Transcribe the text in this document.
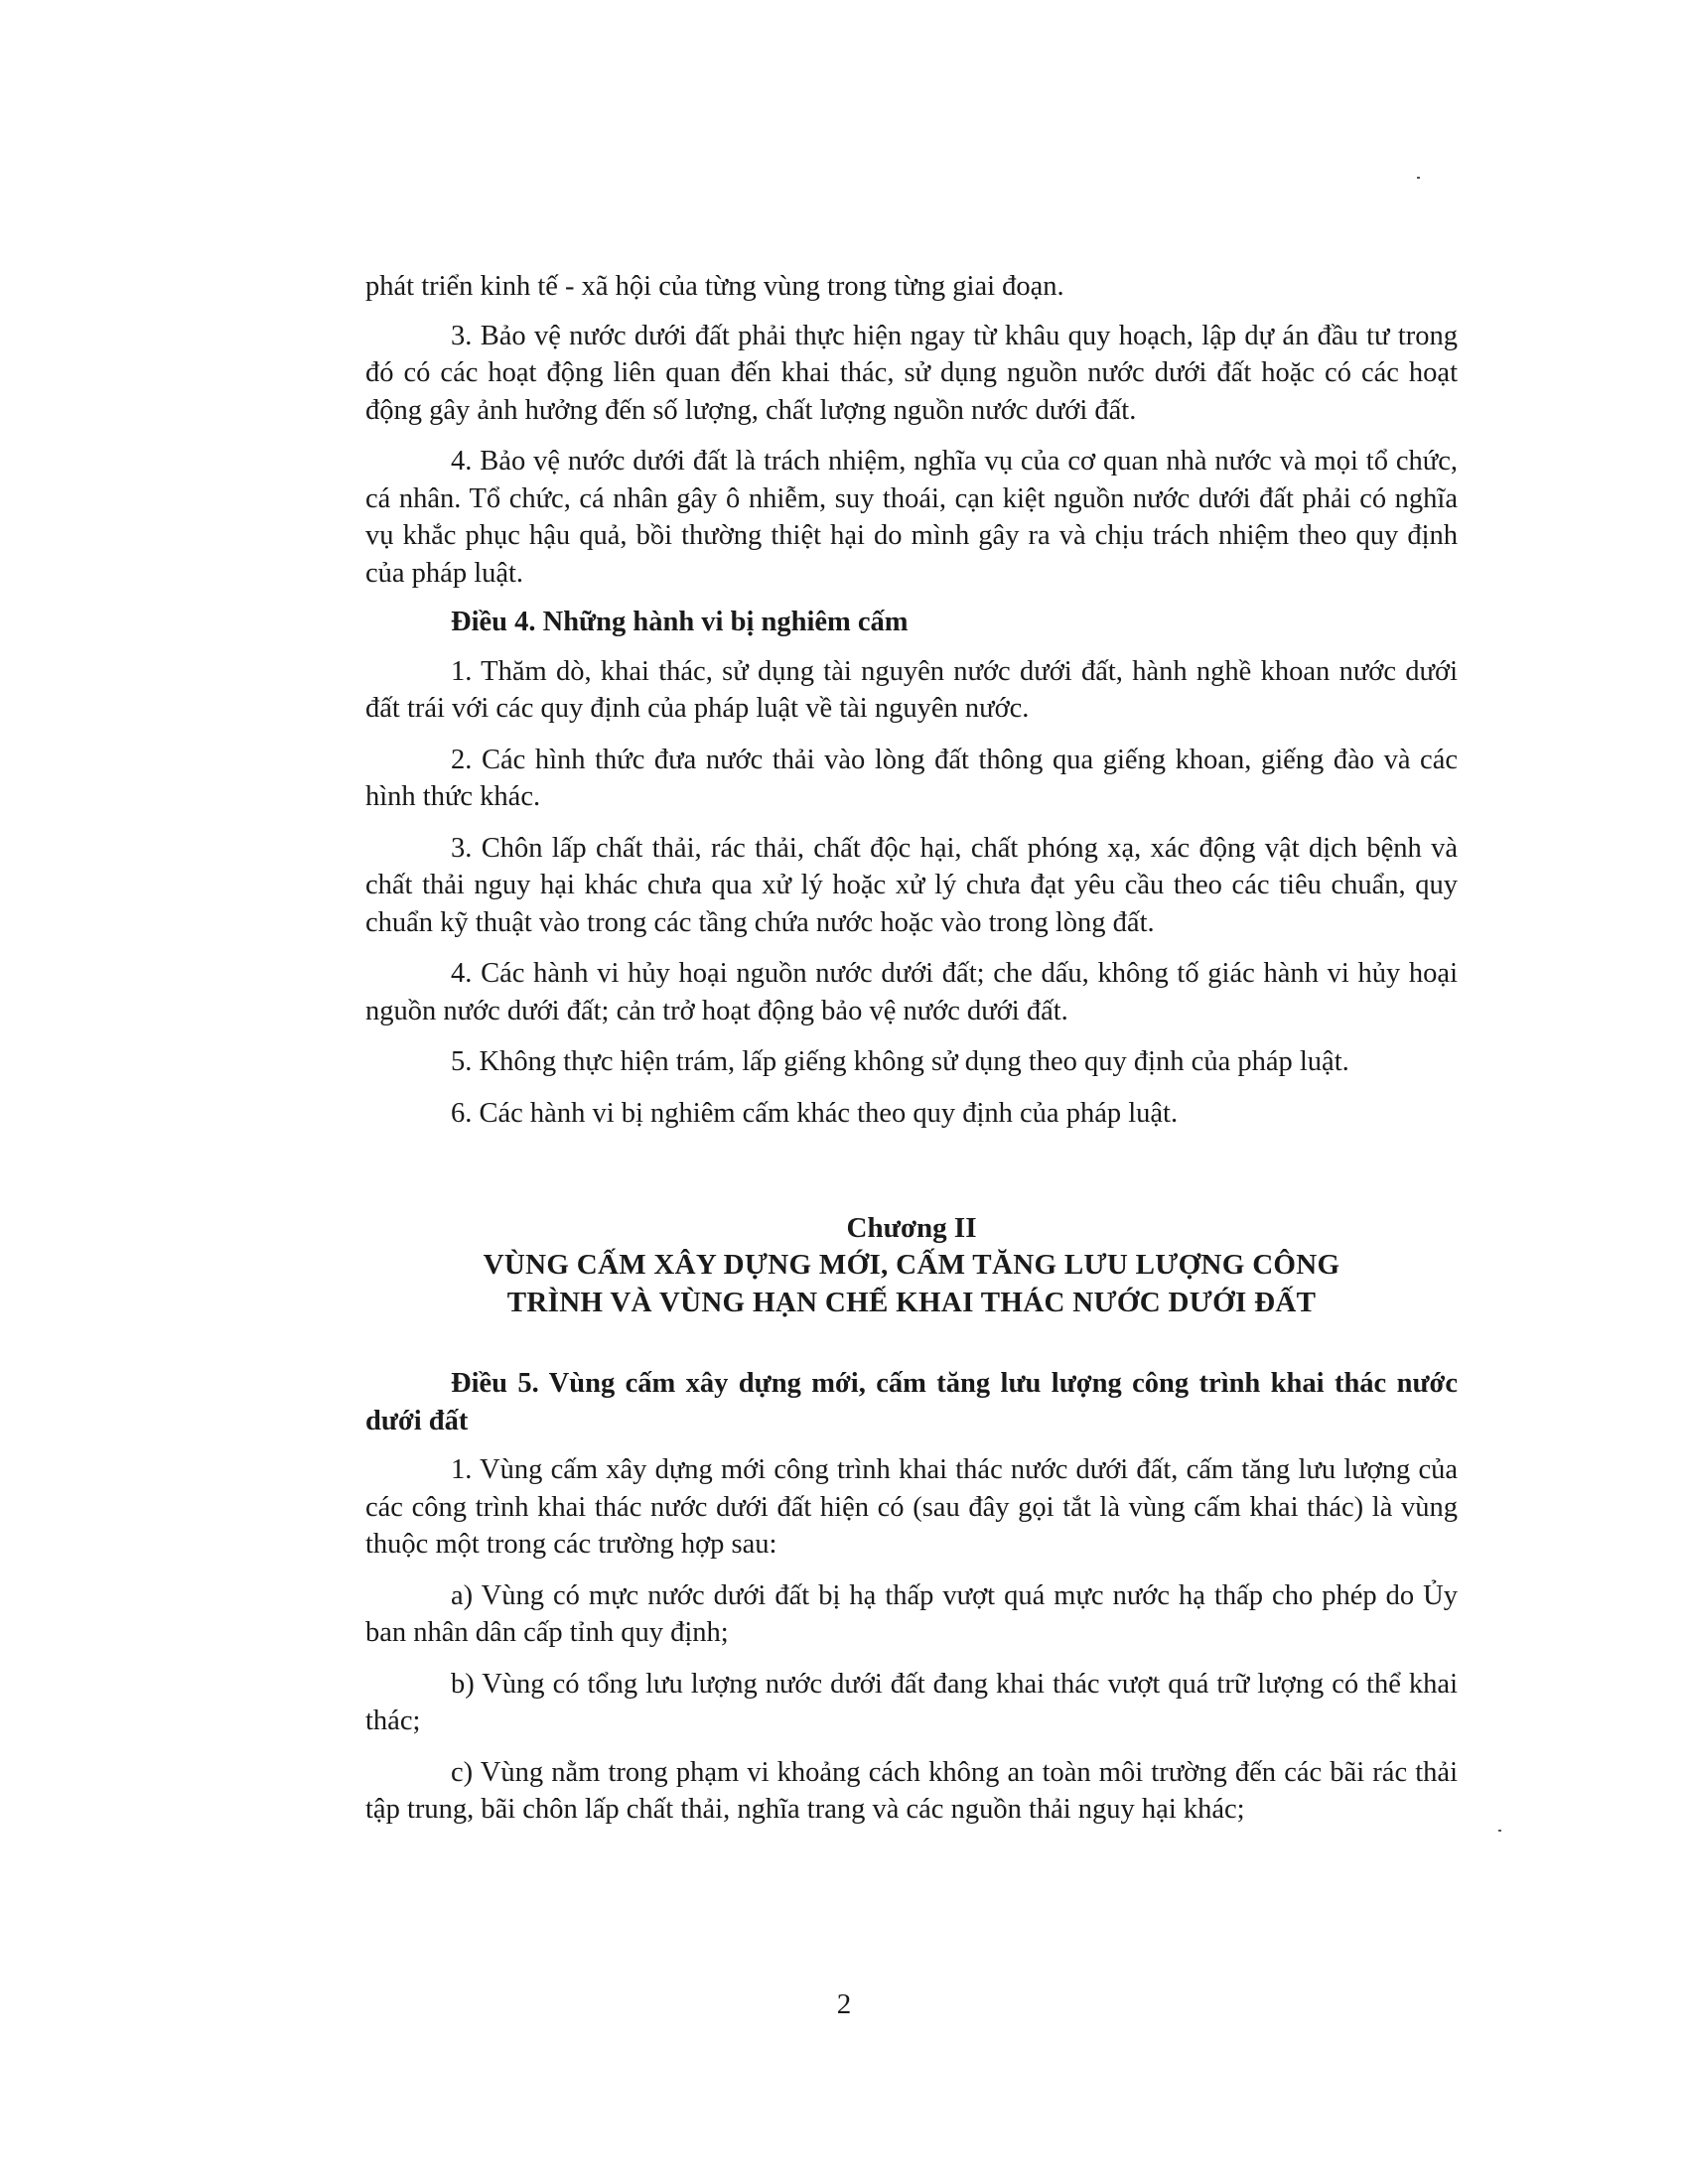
phát triển kinh tế - xã hội của từng vùng trong từng giai đoạn.

3. Bảo vệ nước dưới đất phải thực hiện ngay từ khâu quy hoạch, lập dự án đầu tư trong đó có các hoạt động liên quan đến khai thác, sử dụng nguồn nước dưới đất hoặc có các hoạt động gây ảnh hưởng đến số lượng, chất lượng nguồn nước dưới đất.

4. Bảo vệ nước dưới đất là trách nhiệm, nghĩa vụ của cơ quan nhà nước và mọi tổ chức, cá nhân. Tổ chức, cá nhân gây ô nhiễm, suy thoái, cạn kiệt nguồn nước dưới đất phải có nghĩa vụ khắc phục hậu quả, bồi thường thiệt hại do mình gây ra và chịu trách nhiệm theo quy định của pháp luật.

Điều 4. Những hành vi bị nghiêm cấm

1. Thăm dò, khai thác, sử dụng tài nguyên nước dưới đất, hành nghề khoan nước dưới đất trái với các quy định của pháp luật về tài nguyên nước.

2. Các hình thức đưa nước thải vào lòng đất thông qua giếng khoan, giếng đào và các hình thức khác.

3. Chôn lấp chất thải, rác thải, chất độc hại, chất phóng xạ, xác động vật dịch bệnh và chất thải nguy hại khác chưa qua xử lý hoặc xử lý chưa đạt yêu cầu theo các tiêu chuẩn, quy chuẩn kỹ thuật vào trong các tầng chứa nước hoặc vào trong lòng đất.

4. Các hành vi hủy hoại nguồn nước dưới đất; che dấu, không tố giác hành vi hủy hoại nguồn nước dưới đất; cản trở hoạt động bảo vệ nước dưới đất.

5. Không thực hiện trám, lấp giếng không sử dụng theo quy định của pháp luật.

6. Các hành vi bị nghiêm cấm khác theo quy định của pháp luật.

Chương II

VÙNG CẤM XÂY DỰNG MỚI, CẤM TĂNG LƯU LƯỢNG CÔNG

TRÌNH VÀ VÙNG HẠN CHẾ KHAI THÁC NƯỚC DƯỚI ĐẤT

Điều 5. Vùng cấm xây dựng mới, cấm tăng lưu lượng công trình khai thác nước dưới đất

1. Vùng cấm xây dựng mới công trình khai thác nước dưới đất, cấm tăng lưu lượng của các công trình khai thác nước dưới đất hiện có (sau đây gọi tắt là vùng cấm khai thác) là vùng thuộc một trong các trường hợp sau:

a) Vùng có mực nước dưới đất bị hạ thấp vượt quá mực nước hạ thấp cho phép do Ủy ban nhân dân cấp tỉnh quy định;

b) Vùng có tổng lưu lượng nước dưới đất đang khai thác vượt quá trữ lượng có thể khai thác;

c) Vùng nằm trong phạm vi khoảng cách không an toàn môi trường đến các bãi rác thải tập trung, bãi chôn lấp chất thải, nghĩa trang và các nguồn thải nguy hại khác;

2
